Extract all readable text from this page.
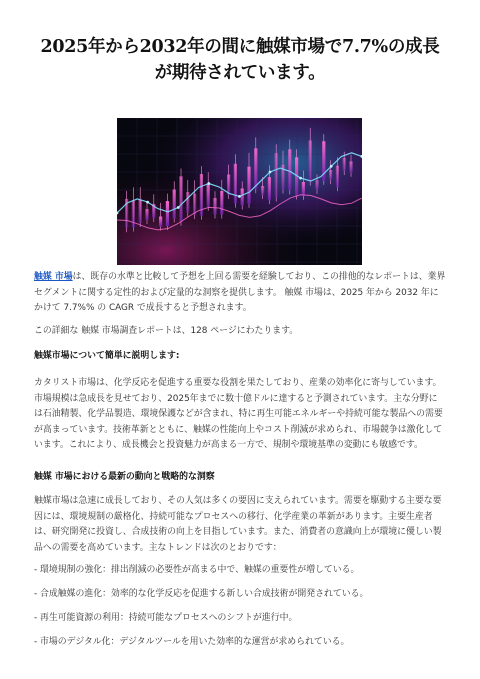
2025年から2032年の間に触媒市場で7.7%の成長
が期待されています。

触媒 市場は、既存の水準と比較して予想を上回る需要を経験しており、この排他的なレポートは、業界セグメントに関する定性的および定量的な洞察を提供します。 触媒 市場は、2025 年から 2032 年にかけて 7.7%% の CAGR で成長すると予想されます。

この詳細な 触媒 市場調査レポートは、128 ページにわたります。

触媒市場について簡単に説明します:

カタリスト市場は、化学反応を促進する重要な役割を果たしており、産業の効率化に寄与しています。市場規模は急成長を見せており、2025年までに数十億ドルに達すると予測されています。主な分野には石油精製、化学品製造、環境保護などが含まれ、特に再生可能エネルギーや持続可能な製品への需要が高まっています。技術革新とともに、触媒の性能向上やコスト削減が求められ、市場競争は激化しています。これにより、成長機会と投資魅力が高まる一方で、規制や環境基準の変動にも敏感です。

触媒 市場における最新の動向と戦略的な洞察

触媒市場は急速に成長しており、その人気は多くの要因に支えられています。需要を駆動する主要な要因には、環境規制の厳格化、持続可能なプロセスへの移行、化学産業の革新があります。主要生産者は、研究開発に投資し、合成技術の向上を目指しています。また、消費者の意識向上が環境に優しい製品への需要を高めています。主なトレンドは次のとおりです：

- 環境規制の強化：排出削減の必要性が高まる中で、触媒の重要性が増している。

- 合成触媒の進化：効率的な化学反応を促進する新しい合成技術が開発されている。

- 再生可能資源の利用：持続可能なプロセスへのシフトが進行中。

- 市場のデジタル化：デジタルツールを用いた効率的な運営が求められている。
